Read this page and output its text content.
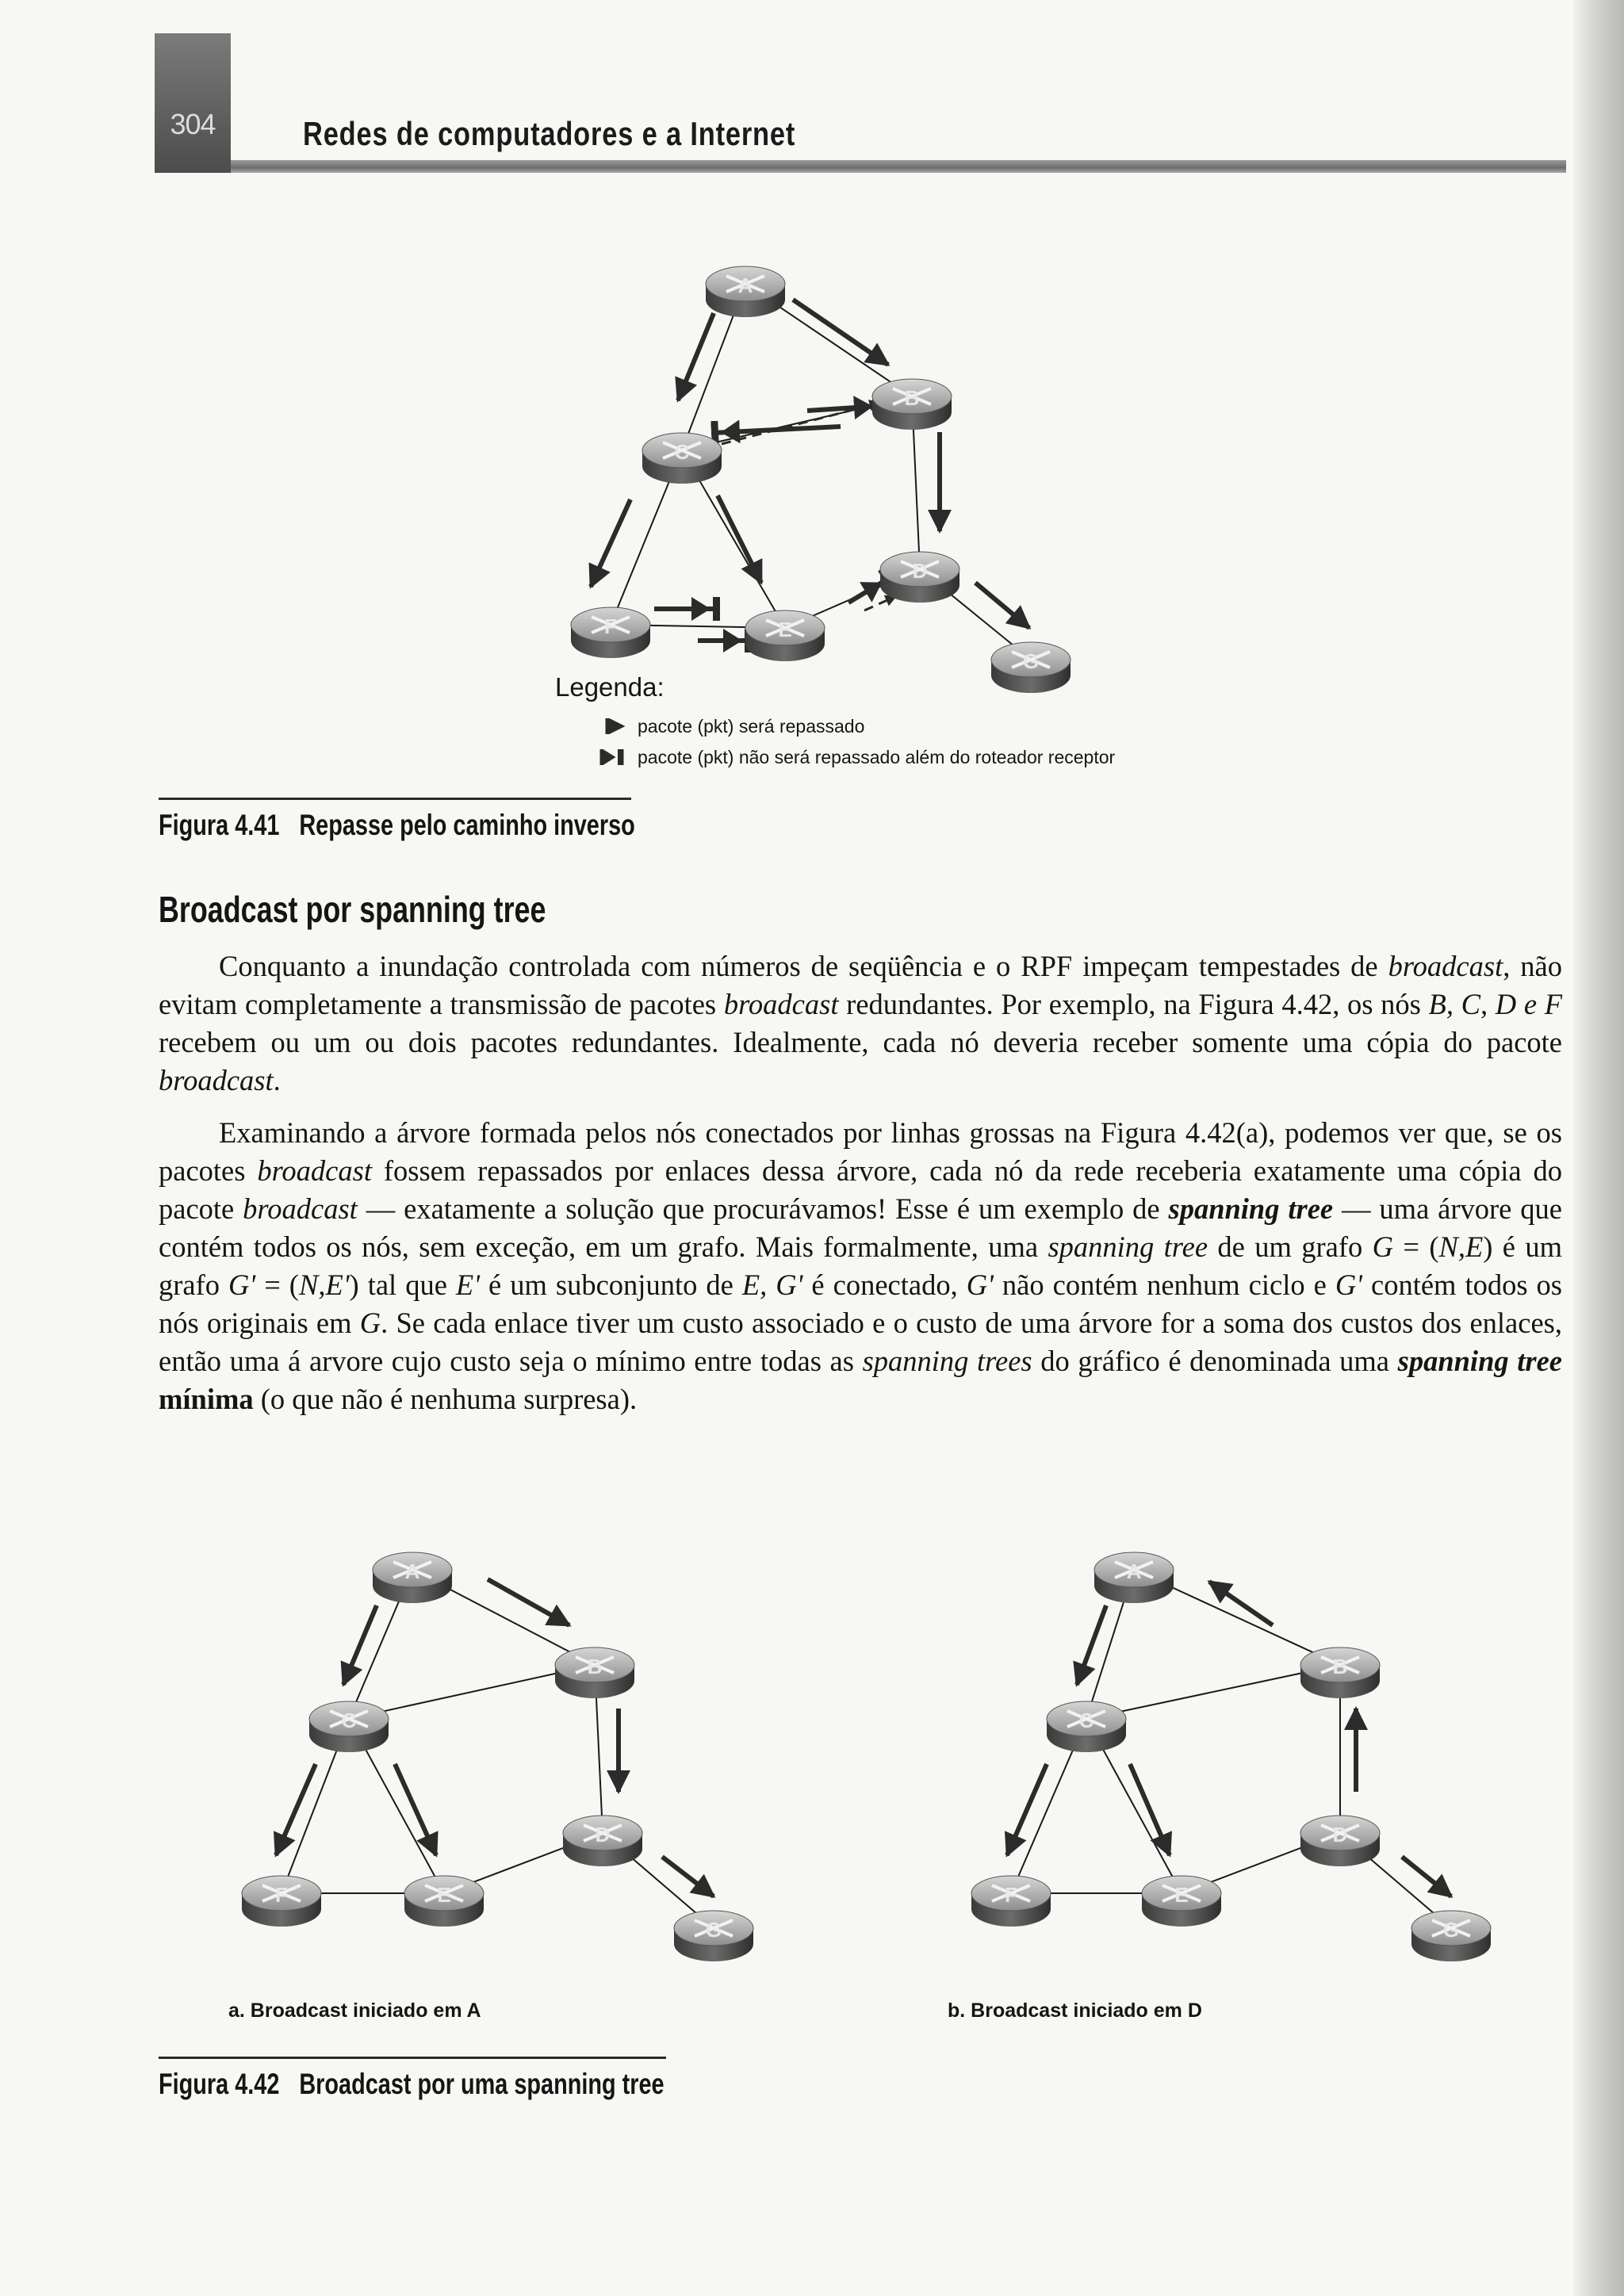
304	Redes de computadores e a Internet
A
B
C
D
E
F
G
Legenda:
pacote (pkt) será repassado
pacote (pkt) não será repassado além do roteador receptor
Figura 4.41 Repasse pelo caminho inverso
Broadcast por spanning tree

Conquanto a inundação controlada com números de seqüência e o RPF impeçam tempestades de broadcast, não evitam completamente a transmissão de pacotes broadcast redundantes. Por exemplo, na Figura 4.42, os nós B, C, D e F recebem ou um ou dois pacotes redundantes. Idealmente, cada nó deveria receber somente uma cópia do pacote broadcast.

Examinando a árvore formada pelos nós conectados por linhas grossas na Figura 4.42(a), podemos ver que, se os pacotes broadcast fossem repassados por enlaces dessa árvore, cada nó da rede receberia exatamente uma cópia do pacote broadcast — exatamente a solução que procurávamos! Esse é um exemplo de spanning tree — uma árvore que contém todos os nós, sem exceção, em um grafo. Mais formalmente, uma spanning tree de um grafo G = (N,E) é um grafo G' = (N,E') tal que E' é um subconjunto de E, G' é conectado, G' não contém nenhum ciclo e G' contém todos os nós originais em G. Se cada enlace tiver um custo associado e o custo de uma árvore for a soma dos custos dos enlaces, então uma á arvore cujo custo seja o mínimo entre todas as spanning trees do gráfico é denominada uma spanning tree mínima (o que não é nenhuma surpresa).

A
B
C
D
E
F
G
A
B
C
D
E
F
G
a. Broadcast iniciado em A	b. Broadcast iniciado em D
Figura 4.42 Broadcast por uma spanning tree
